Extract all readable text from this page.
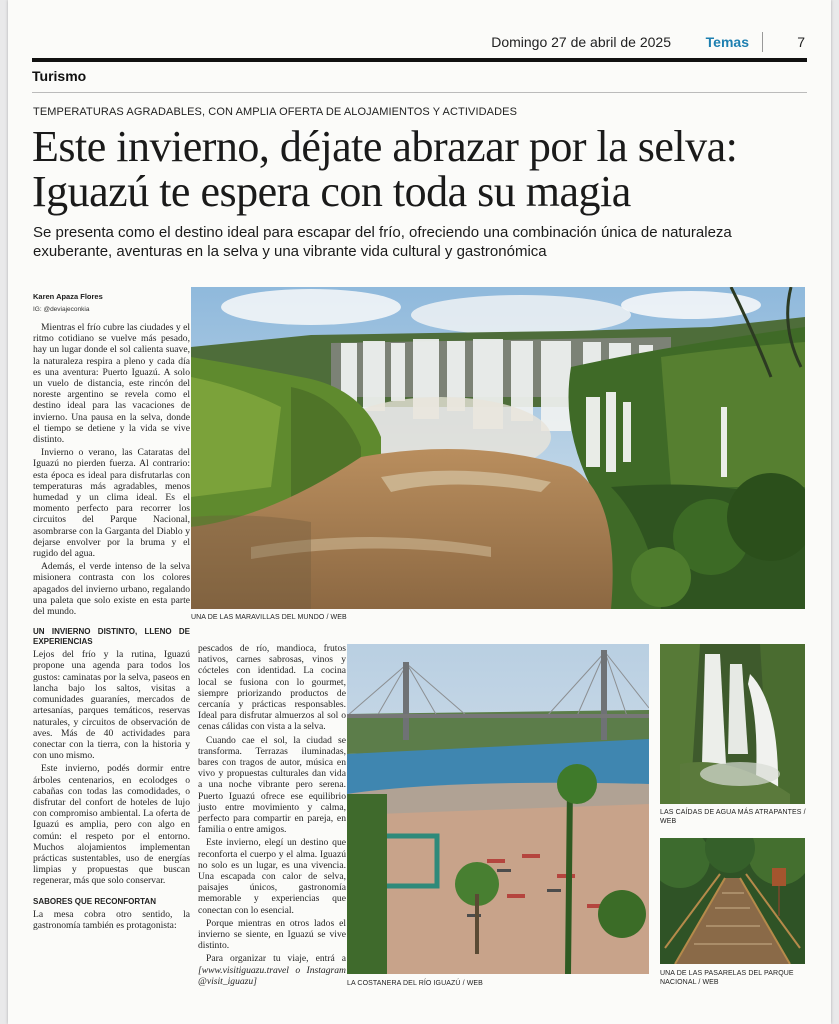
Domingo 27 de abril de 2025 Temas	7
Turismo
TEMPERATURAS AGRADABLES, CON AMPLIA OFERTA DE ALOJAMIENTOS Y ACTIVIDADES
Este invierno, déjate abrazar por la selva:
Iguazú te espera con toda su magia

Se presenta como el destino ideal para escapar del frío, ofreciendo una combinación única de naturaleza exuberante, aventuras en la selva y una vibrante vida cultural y gastronómica

Karen Apaza Flores
IG: @deviajeconkia

Mientras el frío cubre las ciudades y el ritmo cotidiano se vuelve más pesado, hay un lugar donde el sol calienta suave, la naturaleza respira a pleno y cada día es una aventura: Puerto Iguazú. A solo un vuelo de distancia, este rincón del noreste argentino se revela como el destino ideal para las vacaciones de invierno. Una pausa en la selva, donde el tiempo se detiene y la vida se vive distinto.

Invierno o verano, las Cataratas del Iguazú no pierden fuerza. Al contrario: esta época es ideal para disfrutarlas con temperaturas más agradables, menos humedad y un clima ideal. Es el momento perfecto para recorrer los circuitos del Parque Nacional, asombrarse con la Garganta del Diablo y dejarse envolver por la bruma y el rugido del agua.

Además, el verde intenso de la selva misionera contrasta con los colores apagados del invierno urbano, regalando una paleta que solo existe en esta parte del mundo.

UN INVIERNO DISTINTO, LLENO DE EXPERIENCIAS

Lejos del frío y la rutina, Iguazú propone una agenda para todos los gustos: caminatas por la selva, paseos en lancha bajo los saltos, visitas a comunidades guaraníes, mercados de artesanías, parques temáticos, reservas naturales, y circuitos de observación de aves. Más de 40 actividades para conectar con la tierra, con la historia y con uno mismo.

Este invierno, podés dormir entre árboles centenarios, en ecolodges o cabañas con todas las comodidades, o disfrutar del confort de hoteles de lujo con compromiso ambiental. La oferta de Iguazú es amplia, pero con algo en común: el respeto por el entorno. Muchos alojamientos implementan prácticas sustentables, uso de energías limpias y propuestas que buscan regenerar, más que solo conservar.

SABORES QUE RECONFORTAN

La mesa cobra otro sentido, la gastronomía también es protagonista:

UNA DE LAS MARAVILLAS DEL MUNDO / WEB

pescados de río, mandioca, frutos nativos, carnes sabrosas, vinos y cócteles con identidad. La cocina local se fusiona con lo gourmet, siempre priorizando productos de cercanía y prácticas responsables. Ideal para disfrutar almuerzos al sol o cenas cálidas con vista a la selva.

Cuando cae el sol, la ciudad se transforma. Terrazas iluminadas, bares con tragos de autor, música en vivo y propuestas culturales dan vida a una noche vibrante pero serena. Puerto Iguazú ofrece ese equilibrio justo entre movimiento y calma, perfecto para compartir en pareja, en familia o entre amigos.

Este invierno, elegí un destino que reconforta el cuerpo y el alma. Iguazú no solo es un lugar, es una vivencia. Una escapada con calor de selva, paisajes únicos, gastronomía memorable y experiencias que conectan con lo esencial.

Porque mientras en otros lados el invierno se siente, en Iguazú se vive distinto.

Para organizar tu viaje, entrá a [www.visitiguazu.travel o Instagram @visit_iguazu]	LA COSTANERA DEL RÍO IGUAZÚ / WEB
LAS CAÍDAS DE AGUA MÁS ATRAPANTES / WEB
UNA DE LAS PASARELAS DEL PARQUE NACIONAL / WEB
